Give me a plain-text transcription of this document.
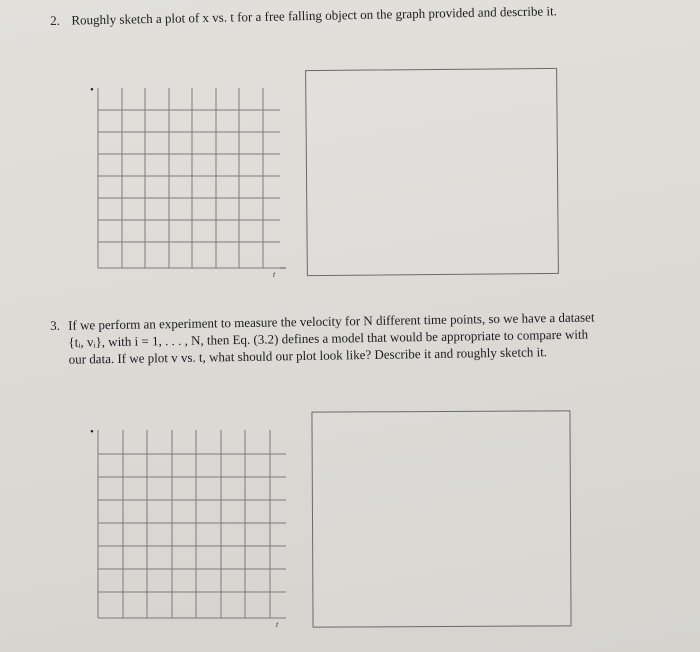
2. Roughly sketch a plot of x vs. t for a free falling object on the graph provided and describe it.
•
t
3. If we perform an experiment to measure the velocity for N different time points, so we have a dataset
{tᵢ, vᵢ}, with i = 1, . . . , N, then Eq. (3.2) defines a model that would be appropriate to compare with
our data. If we plot v vs. t, what should our plot look like? Describe it and roughly sketch it.
•
t
